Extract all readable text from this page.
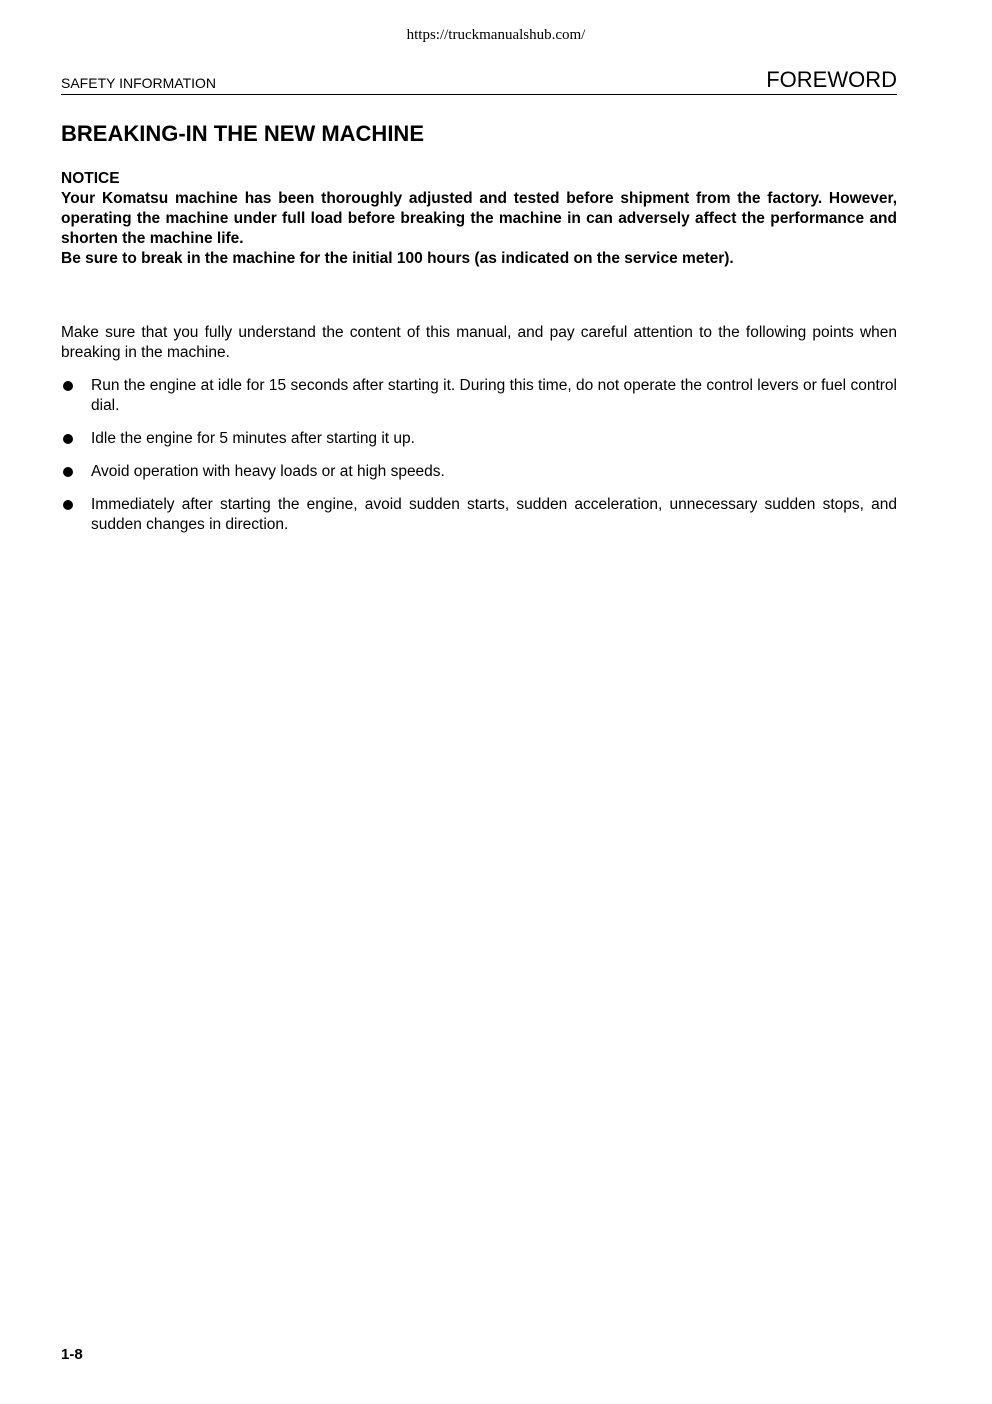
https://truckmanualshub.com/
SAFETY INFORMATION	FOREWORD
BREAKING-IN THE NEW MACHINE

NOTICE

Your Komatsu machine has been thoroughly adjusted and tested before shipment from the factory. However, operating the machine under full load before breaking the machine in can adversely affect the performance and shorten the machine life.

Be sure to break in the machine for the initial 100 hours (as indicated on the service meter).

Make sure that you fully understand the content of this manual, and pay careful attention to the following points when breaking in the machine.

Run the engine at idle for 15 seconds after starting it. During this time, do not operate the control levers or fuel control dial.
Idle the engine for 5 minutes after starting it up.
Avoid operation with heavy loads or at high speeds.
Immediately after starting the engine, avoid sudden starts, sudden acceleration, unnecessary sudden stops, and sudden changes in direction.
1-8
